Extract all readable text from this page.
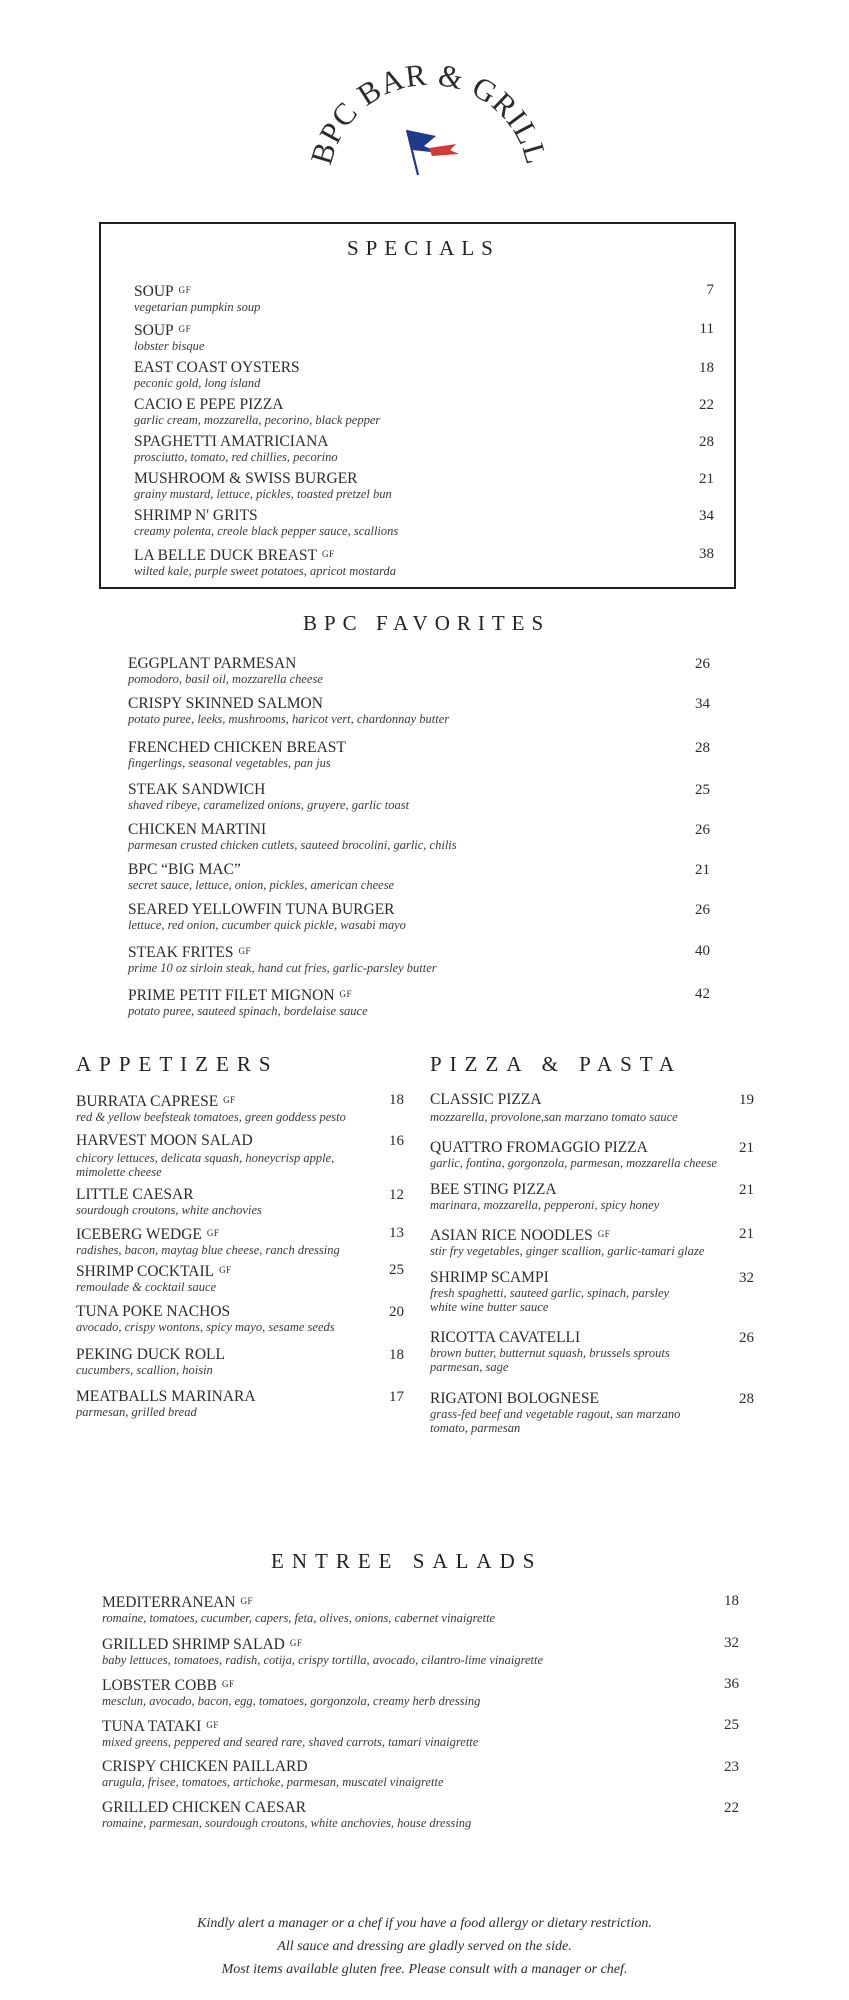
BPC BAR & GRILL
SPECIALS
SOUP GF
vegetarian pumpkin soup
7
SOUP GF
lobster bisque
11
EAST COAST OYSTERS
peconic gold, long island
18
CACIO E PEPE PIZZA
garlic cream, mozzarella, pecorino, black pepper
22
SPAGHETTI AMATRICIANA
prosciutto, tomato, red chillies, pecorino
28
MUSHROOM & SWISS BURGER
grainy mustard, lettuce, pickles, toasted pretzel bun
21
SHRIMP N' GRITS
creamy polenta, creole black pepper sauce, scallions
34
LA BELLE DUCK BREAST GF
wilted kale, purple sweet potatoes, apricot mostarda
38
BPC FAVORITES
EGGPLANT PARMESAN
pomodoro, basil oil, mozzarella cheese
26
CRISPY SKINNED SALMON
potato puree, leeks, mushrooms, haricot vert, chardonnay butter
34
FRENCHED CHICKEN BREAST
fingerlings, seasonal vegetables, pan jus
28
STEAK SANDWICH
shaved ribeye, caramelized onions, gruyere, garlic toast
25
CHICKEN MARTINI
parmesan crusted chicken cutlets, sauteed brocolini, garlic, chilis
26
BPC “BIG MAC”
secret sauce, lettuce, onion, pickles, american cheese
21
SEARED YELLOWFIN TUNA BURGER
lettuce, red onion, cucumber quick pickle, wasabi mayo
26
STEAK FRITES GF
prime 10 oz sirloin steak, hand cut fries, garlic-parsley butter
40
PRIME PETIT FILET MIGNON GF
potato puree, sauteed spinach, bordelaise sauce
42
APPETIZERS
BURRATA CAPRESE GF
red & yellow beefsteak tomatoes, green goddess pesto
18
HARVEST MOON SALAD
chicory lettuces, delicata squash, honeycrisp apple,
mimolette cheese
16
LITTLE CAESAR
sourdough croutons, white anchovies
12
ICEBERG WEDGE GF
radishes, bacon, maytag blue cheese, ranch dressing
13
SHRIMP COCKTAIL GF
remoulade & cocktail sauce
25
TUNA POKE NACHOS
avocado, crispy wontons, spicy mayo, sesame seeds
20
PEKING DUCK ROLL
cucumbers, scallion, hoisin
18
MEATBALLS MARINARA
parmesan, grilled bread
17
PIZZA & PASTA
CLASSIC PIZZA
mozzarella, provolone,san marzano tomato sauce
19
QUATTRO FROMAGGIO PIZZA
garlic, fontina, gorgonzola, parmesan, mozzarella cheese
21
BEE STING PIZZA
marinara, mozzarella, pepperoni, spicy honey
21
ASIAN RICE NOODLES GF
stir fry vegetables, ginger scallion, garlic-tamari glaze
21
SHRIMP SCAMPI
fresh spaghetti, sauteed garlic, spinach, parsley
white wine butter sauce
32
RICOTTA CAVATELLI
brown butter, butternut squash, brussels sprouts
parmesan, sage
26
RIGATONI BOLOGNESE
grass-fed beef and vegetable ragout, san marzano
tomato, parmesan
28
ENTREE SALADS
MEDITERRANEAN GF
romaine, tomatoes, cucumber, capers, feta, olives, onions, cabernet vinaigrette
18
GRILLED SHRIMP SALAD GF
baby lettuces, tomatoes, radish, cotija, crispy tortilla, avocado, cilantro-lime vinaigrette
32
LOBSTER COBB GF
mesclun, avocado, bacon, egg, tomatoes, gorgonzola, creamy herb dressing
36
TUNA TATAKI GF
mixed greens, peppered and seared rare, shaved carrots, tamari vinaigrette
25
CRISPY CHICKEN PAILLARD
arugula, frisee, tomatoes, artichoke, parmesan, muscatel vinaigrette
23
GRILLED CHICKEN CAESAR
romaine, parmesan, sourdough croutons, white anchovies, house dressing
22
Kindly alert a manager or a chef if you have a food allergy or dietary restriction.
All sauce and dressing are gladly served on the side.
Most items available gluten free. Please consult with a manager or chef.
